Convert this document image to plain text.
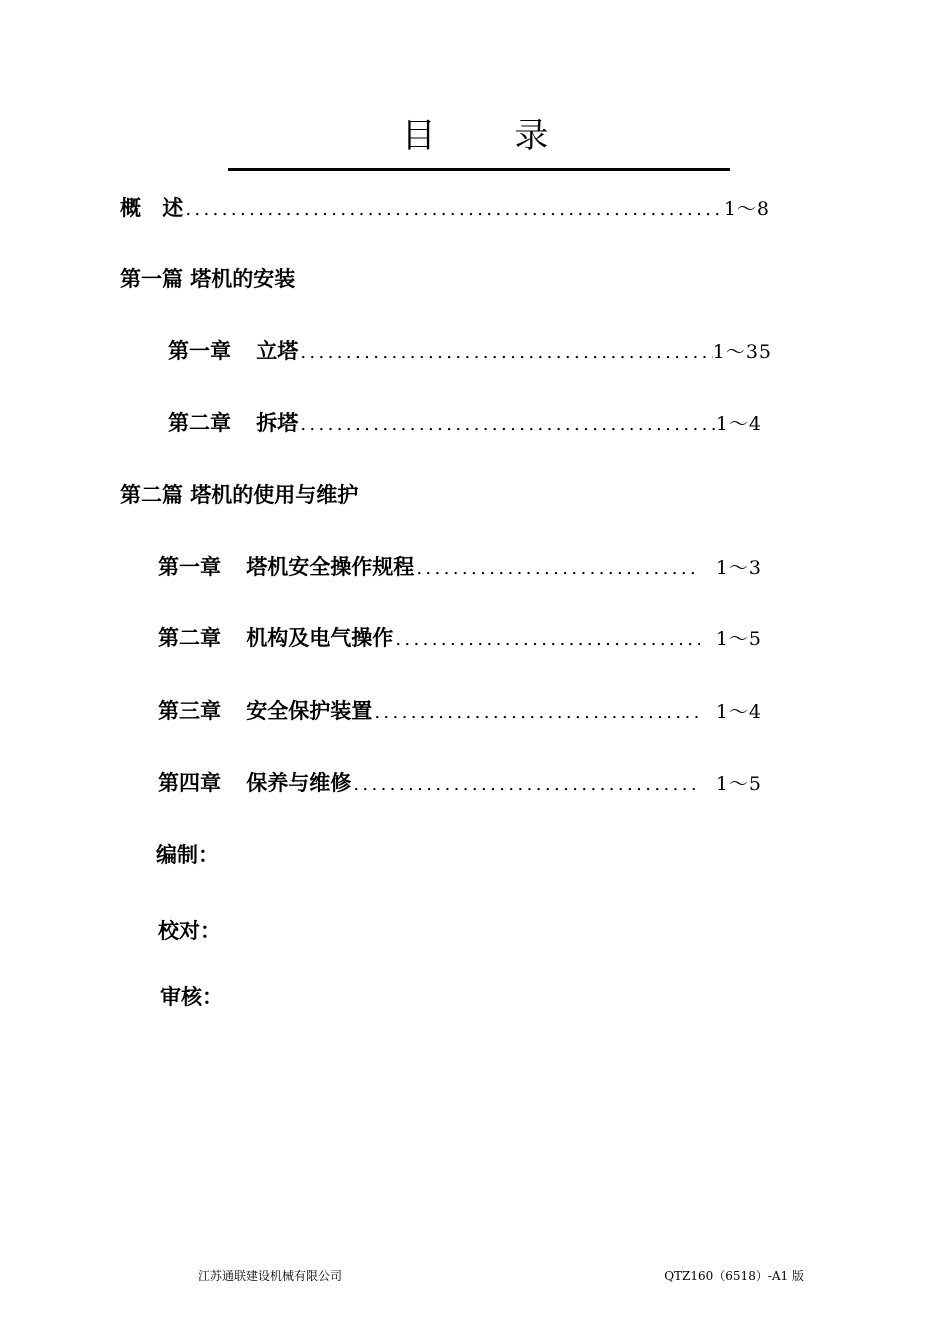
目 录
概 述 .....	1～8
第一篇 塔机的安装
第一章 立塔 .....	1～35
第二章 拆塔 .....	1～4
第二篇 塔机的使用与维护
第一章 塔机安全操作规程 .....	1～3
第二章 机构及电气操作 .....	1～5
第三章 安全保护装置 .....	1～4
第四章 保养与维修 .....	1～5
编制：
校对：
审核：
江苏通联建设机械有限公司	QTZ160（6518）-A1 版
